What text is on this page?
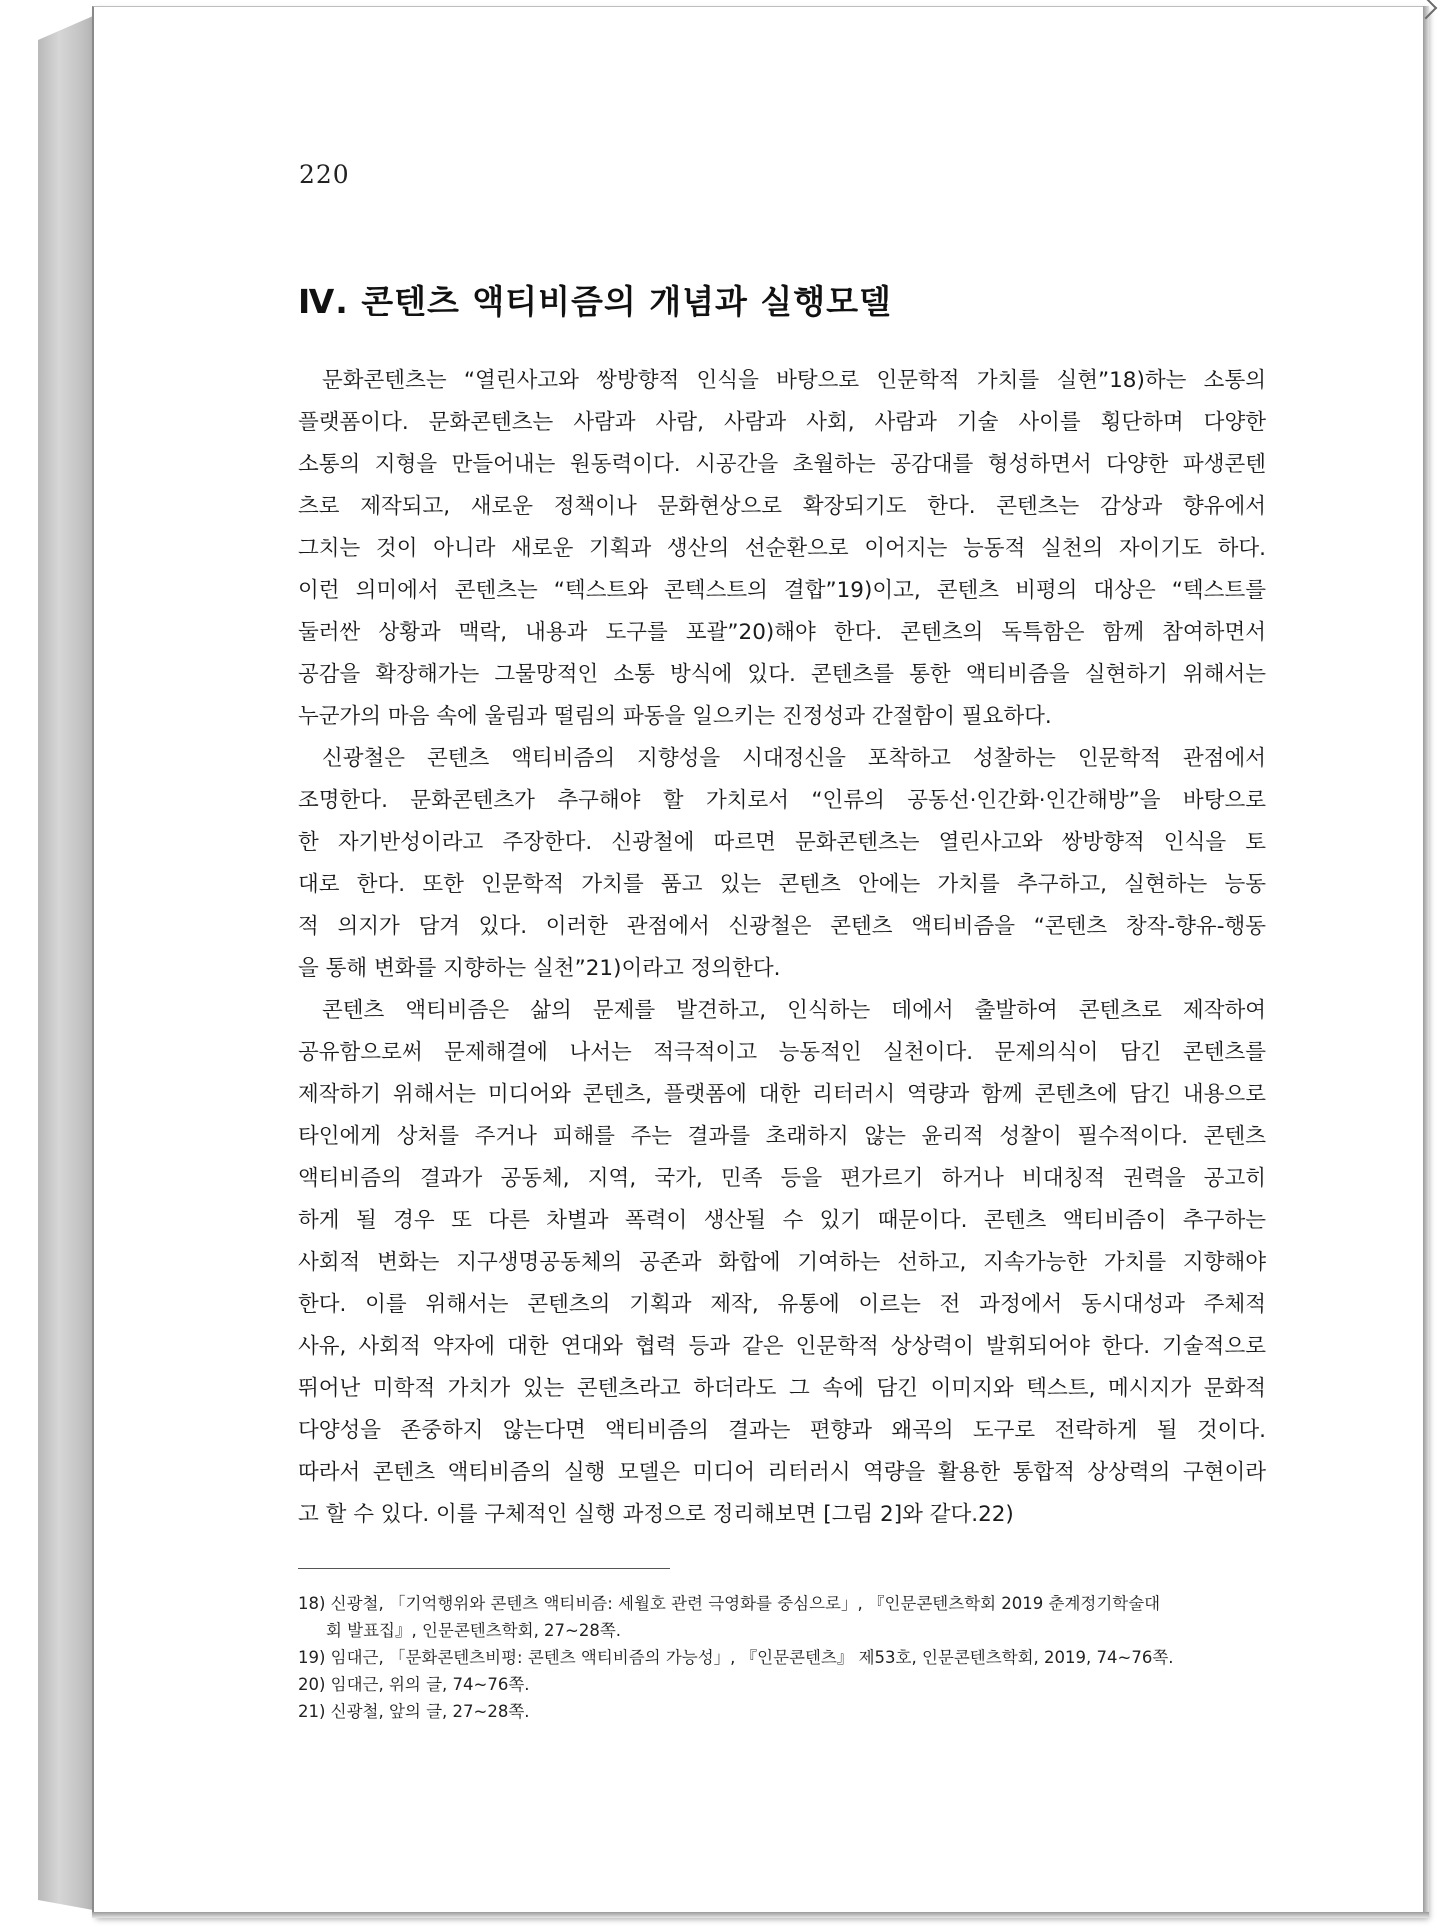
220
Ⅳ. 콘텐츠 액티비즘의 개념과 실행모델
문화콘텐츠는 “열린사고와 쌍방향적 인식을 바탕으로 인문학적 가치를 실현”18)하는 소통의
플랫폼이다. 문화콘텐츠는 사람과 사람, 사람과 사회, 사람과 기술 사이를 횡단하며 다양한
소통의 지형을 만들어내는 원동력이다. 시공간을 초월하는 공감대를 형성하면서 다양한 파생콘텐
츠로 제작되고, 새로운 정책이나 문화현상으로 확장되기도 한다. 콘텐츠는 감상과 향유에서
그치는 것이 아니라 새로운 기획과 생산의 선순환으로 이어지는 능동적 실천의 자이기도 하다.
이런 의미에서 콘텐츠는 “텍스트와 콘텍스트의 결합”19)이고, 콘텐츠 비평의 대상은 “텍스트를
둘러싼 상황과 맥락, 내용과 도구를 포괄”20)해야 한다. 콘텐츠의 독특함은 함께 참여하면서
공감을 확장해가는 그물망적인 소통 방식에 있다. 콘텐츠를 통한 액티비즘을 실현하기 위해서는
누군가의 마음 속에 울림과 떨림의 파동을 일으키는 진정성과 간절함이 필요하다.
신광철은 콘텐츠 액티비즘의 지향성을 시대정신을 포착하고 성찰하는 인문학적 관점에서
조명한다. 문화콘텐츠가 추구해야 할 가치로서 “인류의 공동선·인간화·인간해방”을 바탕으로
한 자기반성이라고 주장한다. 신광철에 따르면 문화콘텐츠는 열린사고와 쌍방향적 인식을 토
대로 한다. 또한 인문학적 가치를 품고 있는 콘텐츠 안에는 가치를 추구하고, 실현하는 능동
적 의지가 담겨 있다. 이러한 관점에서 신광철은 콘텐츠 액티비즘을 “콘텐츠 창작-향유-행동
을 통해 변화를 지향하는 실천”21)이라고 정의한다.
콘텐츠 액티비즘은 삶의 문제를 발견하고, 인식하는 데에서 출발하여 콘텐츠로 제작하여
공유함으로써 문제해결에 나서는 적극적이고 능동적인 실천이다. 문제의식이 담긴 콘텐츠를
제작하기 위해서는 미디어와 콘텐츠, 플랫폼에 대한 리터러시 역량과 함께 콘텐츠에 담긴 내용으로
타인에게 상처를 주거나 피해를 주는 결과를 초래하지 않는 윤리적 성찰이 필수적이다. 콘텐츠
액티비즘의 결과가 공동체, 지역, 국가, 민족 등을 편가르기 하거나 비대칭적 권력을 공고히
하게 될 경우 또 다른 차별과 폭력이 생산될 수 있기 때문이다. 콘텐츠 액티비즘이 추구하는
사회적 변화는 지구생명공동체의 공존과 화합에 기여하는 선하고, 지속가능한 가치를 지향해야
한다. 이를 위해서는 콘텐츠의 기획과 제작, 유통에 이르는 전 과정에서 동시대성과 주체적
사유, 사회적 약자에 대한 연대와 협력 등과 같은 인문학적 상상력이 발휘되어야 한다. 기술적으로
뛰어난 미학적 가치가 있는 콘텐츠라고 하더라도 그 속에 담긴 이미지와 텍스트, 메시지가 문화적
다양성을 존중하지 않는다면 액티비즘의 결과는 편향과 왜곡의 도구로 전락하게 될 것이다.
따라서 콘텐츠 액티비즘의 실행 모델은 미디어 리터러시 역량을 활용한 통합적 상상력의 구현이라
고 할 수 있다. 이를 구체적인 실행 과정으로 정리해보면 [그림 2]와 같다.22)
18) 신광철, 「기억행위와 콘텐츠 액티비즘: 세월호 관련 극영화를 중심으로」, 『인문콘텐츠학회 2019 춘계정기학술대
회 발표집』, 인문콘텐츠학회, 27~28쪽.
19) 임대근, 「문화콘텐츠비평: 콘텐츠 액티비즘의 가능성」, 『인문콘텐츠』 제53호, 인문콘텐츠학회, 2019, 74~76쪽.
20) 임대근, 위의 글, 74~76쪽.
21) 신광철, 앞의 글, 27~28쪽.
